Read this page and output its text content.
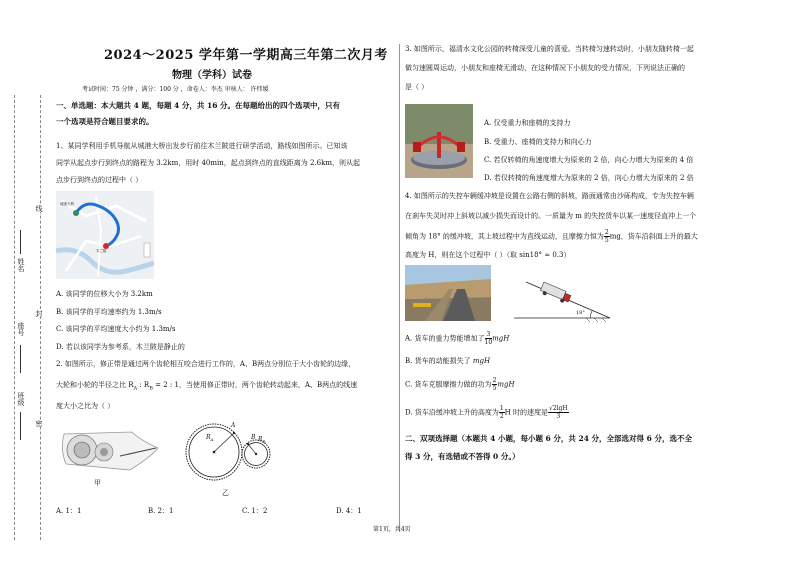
2024～2025 学年第一学期高三年第二次月考
物理（学科）试卷
考试时间：75 分钟 ，满分：100 分 ，命卷人：李杰 审核人： 许炜媛
线
封
密
姓名
座号
班级
一、单选题：本大题共 4 题，每题 4 分，共 16 分。在每题给出的四个选项中，只有
一个选项是符合题目要求的。
1、某同学利用手机导航从城港大桥出发步行前往木兰陂进行研学活动，路线如图所示。已知该
同学从起点步行到终点的路程为 3.2km，用时 40min，起点到终点的直线距离为 2.6km，则从起
点步行到终点的过程中（ ）
城港大桥
木兰陂
A. 该同学的位移大小为 3.2km
B. 该同学的平均速率约为 1.3m/s
C. 该同学的平均速度大小约为 1.3m/s
D. 若以该同学为参考系，木兰陂是静止的
2. 如图所示，修正带是通过两个齿轮相互咬合进行工作的，A、B两点分别位于大小齿轮的边缘，
大轮和小轮的半径之比 $R_A$ : $R_B = 2$ : 1，当使用修正带时，两个齿轮转动起来，A、B两点的线速
度大小之比为（ ）
甲
$R_A$	$R_B$
A
B
乙
A. 1：1	B. 2：1	C. 1：2	D. 4：1
3. 如图所示，福清水文化公园的转椅深受儿童的喜爱。当转椅匀速转动时，小朋友随转椅一起
做匀速圆周运动，小朋友和座椅无滑动，在这种情况下小朋友的受力情况，下列说法正确的
是（ ）
A. 仅受重力和座椅的支持力
B. 受重力、座椅的支持力和向心力
C. 若仅转椅的角速度增大为原来的 2 倍，向心力增大为原来的 4 倍
D. 若仅转椅的角速度增大为原来的 2 倍，向心力增大为原来的 2 倍
4. 如图所示的失控车辆缓冲坡是设置在公路右侧的斜坡，路面通常由沙砾构成，专为失控车辆
在刹车失灵时冲上斜坡以减少损失而设计的。一质量为 m 的失控货车以某一速度径直冲上一个
倾角为 18° 的缓冲坡，其上坡过程中为直线运动，且摩擦力恒为 $\frac{2}{5}$ mg，货车沿斜面上升的最大
高度为 H，则在这个过程中（ ）（取 sin18° ≈ 0.3）
18°
A. 货车的重力势能增加了 $\frac{3}{10}$ mgH
B. 货车的动能损失了 mgH
C. 货车克服摩擦力做的功为 $\frac{2}{5}$ mgH
D. 货车沿缓冲坡上升的高度为 $\frac{1}{2}$ H 时的速度是 $\frac{√2\lg H}{3}$
二、双项选择题（本题共 4 小题，每小题 6 分，共 24 分，全部选对得 6 分，选不全
得 3 分，有选错或不答得 0 分。）
第1页，共4页
